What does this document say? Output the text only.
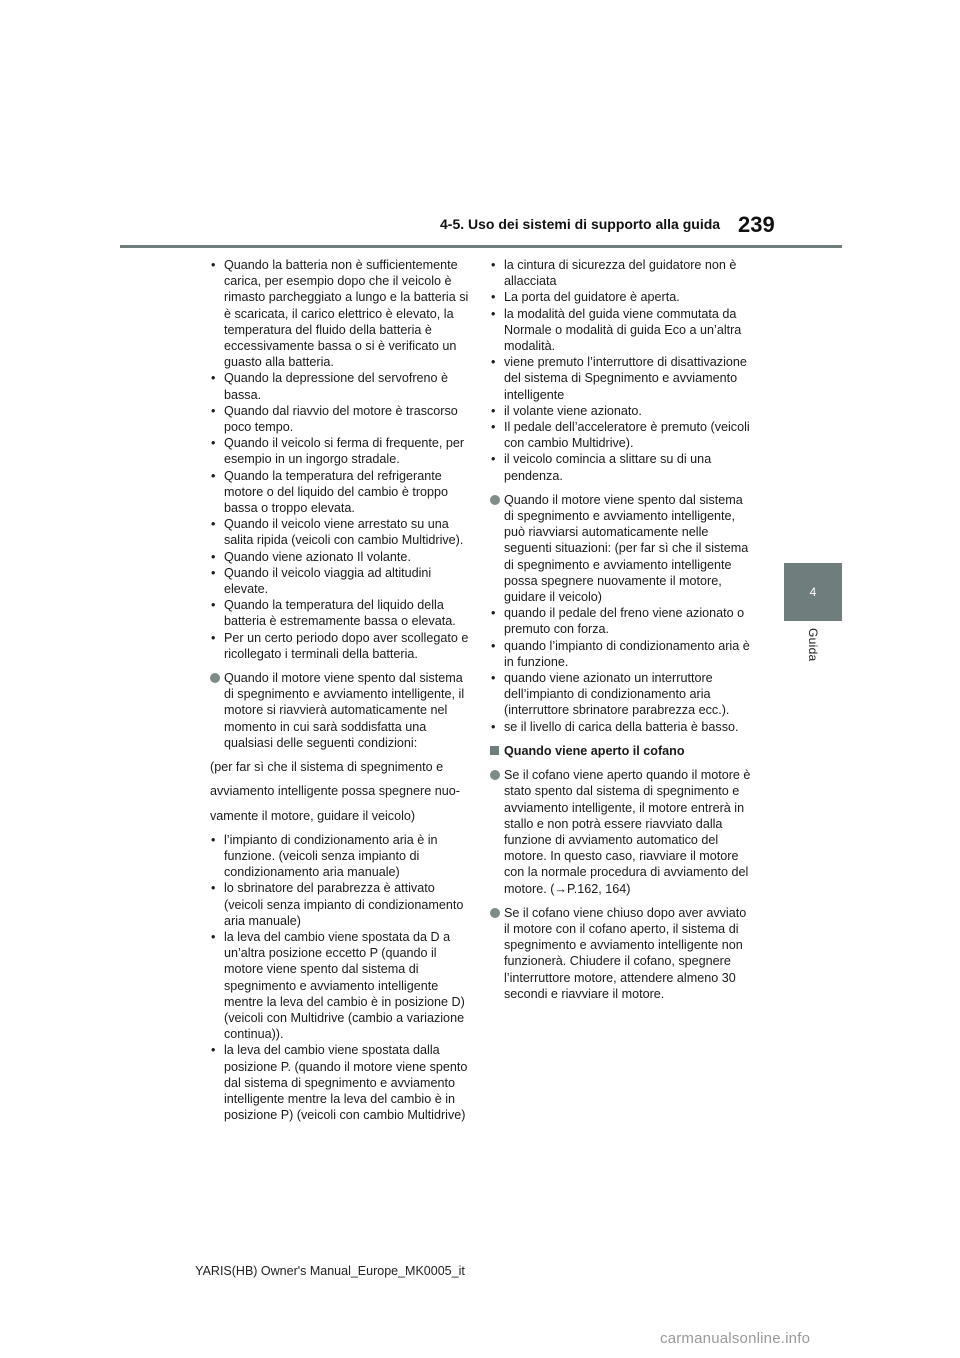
4-5. Uso dei sistemi di supporto alla guida 239
4
Guida

• Quando la batteria non è sufficientemente carica, per esempio dopo che il veicolo è rimasto parcheggiato a lungo e la batteria si è scaricata, il carico elettrico è elevato, la temperatura del fluido della batteria è eccessivamente bassa o si è verificato un guasto alla batteria.

• Quando la depressione del servofreno è bassa.

• Quando dal riavvio del motore è trascorso poco tempo.

• Quando il veicolo si ferma di frequente, per esempio in un ingorgo stradale.

• Quando la temperatura del refrigerante motore o del liquido del cambio è troppo bassa o troppo elevata.

• Quando il veicolo viene arrestato su una salita ripida (veicoli con cambio Multidrive).

• Quando viene azionato Il volante.

• Quando il veicolo viaggia ad altitudini elevate.

• Quando la temperatura del liquido della batteria è estremamente bassa o elevata.

• Per un certo periodo dopo aver scollegato e ricollegato i terminali della batteria.

Quando il motore viene spento dal sistema di spegnimento e avviamento intelligente, il motore si riavvierà automaticamente nel momento in cui sarà soddisfatta una qualsiasi delle seguenti condizioni:

(per far sì che il sistema di spegnimento e

avviamento intelligente possa spegnere nuo-

vamente il motore, guidare il veicolo)

• l’impianto di condizionamento aria è in funzione. (veicoli senza impianto di condizionamento aria manuale)

• lo sbrinatore del parabrezza è attivato (veicoli senza impianto di condizionamento aria manuale)

• la leva del cambio viene spostata da D a un’altra posizione eccetto P (quando il motore viene spento dal sistema di spegnimento e avviamento intelligente mentre la leva del cambio è in posizione D) (veicoli con Multidrive (cambio a variazione continua)).

• la leva del cambio viene spostata dalla posizione P. (quando il motore viene spento dal sistema di spegnimento e avviamento intelligente mentre la leva del cambio è in posizione P) (veicoli con cambio Multidrive)

• la cintura di sicurezza del guidatore non è allacciata

• La porta del guidatore è aperta.

• la modalità del guida viene commutata da Normale o modalità di guida Eco a un’altra modalità.

• viene premuto l’interruttore di disattivazione del sistema di Spegnimento e avviamento intelligente

• il volante viene azionato.

• Il pedale dell’acceleratore è premuto (veicoli con cambio Multidrive).

• il veicolo comincia a slittare su di una pendenza.

Quando il motore viene spento dal sistema di spegnimento e avviamento intelligente, può riavviarsi automaticamente nelle seguenti situazioni: (per far sì che il sistema di spegnimento e avviamento intelligente possa spegnere nuovamente il motore, guidare il veicolo)

• quando il pedale del freno viene azionato o premuto con forza.

• quando l’impianto di condizionamento aria è in funzione.

• quando viene azionato un interruttore dell’impianto di condizionamento aria (interruttore sbrinatore parabrezza ecc.).

• se il livello di carica della batteria è basso.

Quando viene aperto il cofano

Se il cofano viene aperto quando il motore è stato spento dal sistema di spegnimento e avviamento intelligente, il motore entrerà in stallo e non potrà essere riavviato dalla funzione di avviamento automatico del motore. In questo caso, riavviare il motore con la normale procedura di avviamento del motore. (→P.162, 164)

Se il cofano viene chiuso dopo aver avviato il motore con il cofano aperto, il sistema di spegnimento e avviamento intelligente non funzionerà. Chiudere il cofano, spegnere l’interruttore motore, attendere almeno 30 secondi e riavviare il motore.

YARIS(HB) Owner's Manual_Europe_MK0005_it
carmanualsonline.info
